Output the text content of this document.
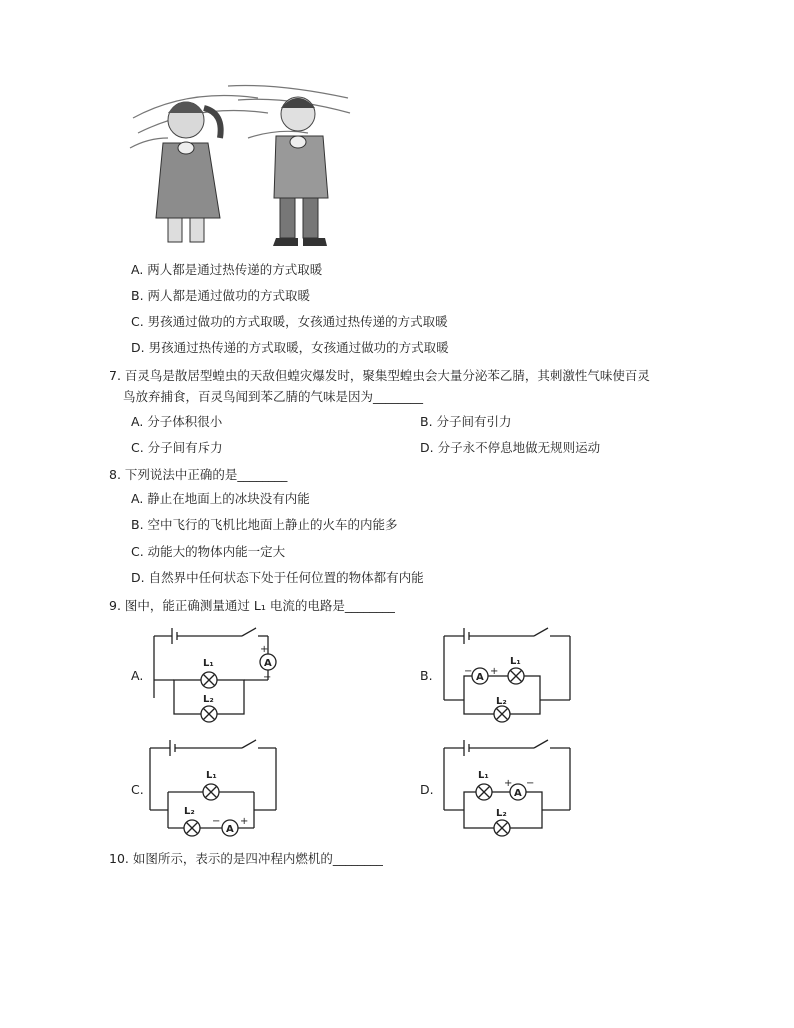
A. 两人都是通过热传递的方式取暖
B. 两人都是通过做功的方式取暖
C. 男孩通过做功的方式取暖，女孩通过热传递的方式取暖
D. 男孩通过热传递的方式取暖，女孩通过做功的方式取暖
7. 百灵鸟是散居型蝗虫的天敌但蝗灾爆发时，聚集型蝗虫会大量分泌苯乙腈，其刺激性气味使百灵
鸟放弃捕食，百灵鸟闻到苯乙腈的气味是因为________
A. 分子体积很小	B. 分子间有引力
C. 分子间有斥力	D. 分子永不停息地做无规则运动
8. 下列说法中正确的是________
A. 静止在地面上的冰块没有内能
B. 空中飞行的飞机比地面上静止的火车的内能多
C. 动能大的物体内能一定大
D. 自然界中任何状态下处于任何位置的物体都有内能
9. 图中，能正确测量通过 L₁ 电流的电路是________
A.	B.
C.	D.
A
+
−
L₁
L₂
A
− +
L₁
L₂
L₁
L₂
A
− +
L₁
A
+ −
L₂
10. 如图所示，表示的是四冲程内燃机的________
